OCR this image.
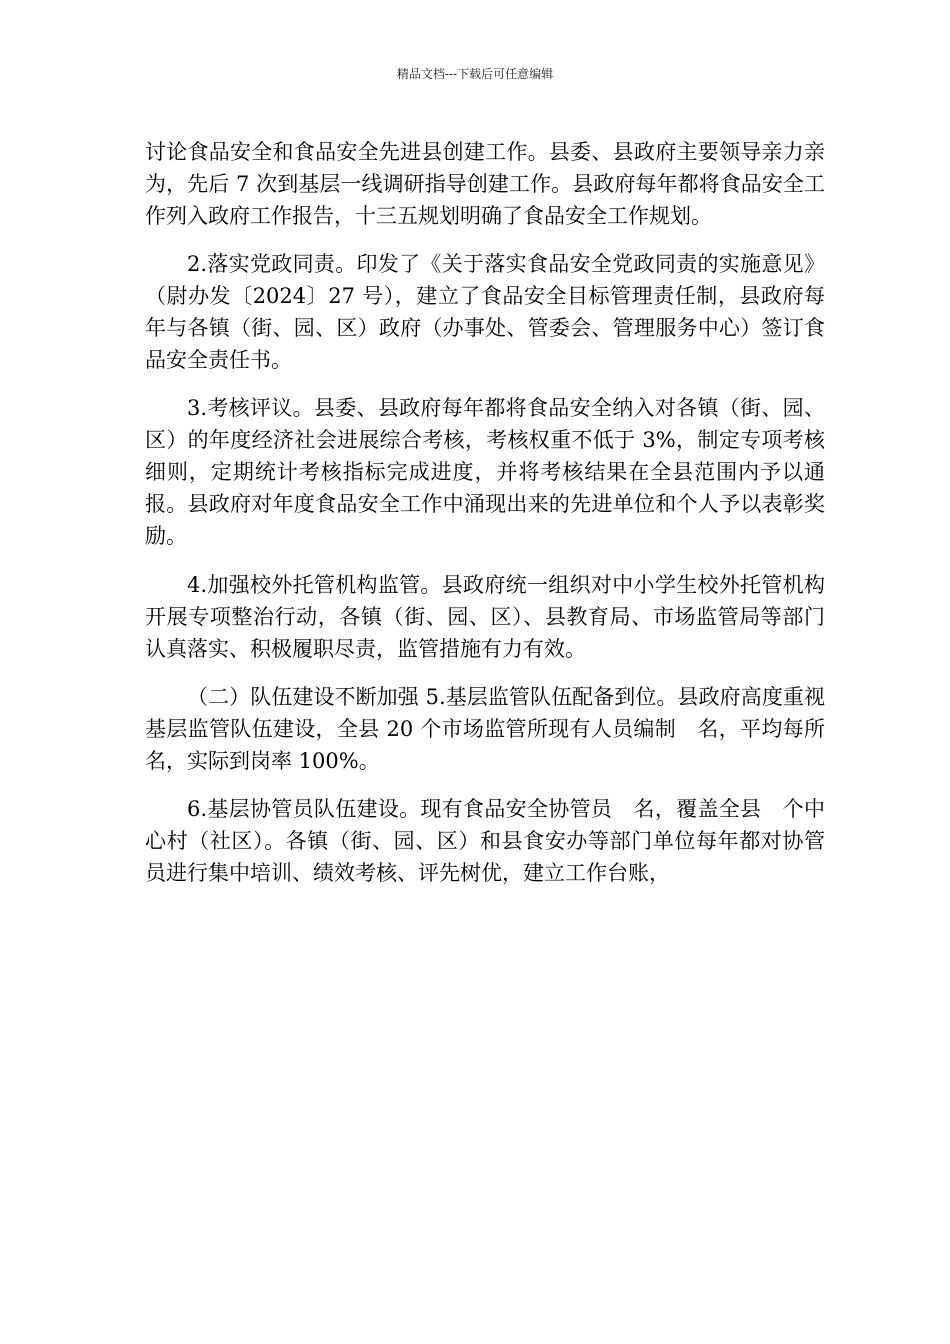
精品文档---下载后可任意编辑

讨论食品安全和食品安全先进县创建工作。县委、县政府主要领导亲力亲为，先后 7 次到基层一线调研指导创建工作。县政府每年都将食品安全工作列入政府工作报告，十三五规划明确了食品安全工作规划。

2.落实党政同责。印发了《关于落实食品安全党政同责的实施意见》（尉办发〔2024〕27 号），建立了食品安全目标管理责任制，县政府每年与各镇（街、园、区）政府（办事处、管委会、管理服务中心）签订食品安全责任书。

3.考核评议。县委、县政府每年都将食品安全纳入对各镇（街、园、区）的年度经济社会进展综合考核，考核权重不低于 3%，制定专项考核细则，定期统计考核指标完成进度，并将考核结果在全县范围内予以通报。县政府对年度食品安全工作中涌现出来的先进单位和个人予以表彰奖励。

4.加强校外托管机构监管。县政府统一组织对中小学生校外托管机构开展专项整治行动，各镇（街、园、区）、县教育局、市场监管局等部门认真落实、积极履职尽责，监管措施有力有效。

（二）队伍建设不断加强 5.基层监管队伍配备到位。县政府高度重视基层监管队伍建设，全县 20 个市场监管所现有人员编制　名，平均每所　名，实际到岗率 100%。

6.基层协管员队伍建设。现有食品安全协管员　名，覆盖全县　个中心村（社区）。各镇（街、园、区）和县食安办等部门单位每年都对协管员进行集中培训、绩效考核、评先树优，建立工作台账，
